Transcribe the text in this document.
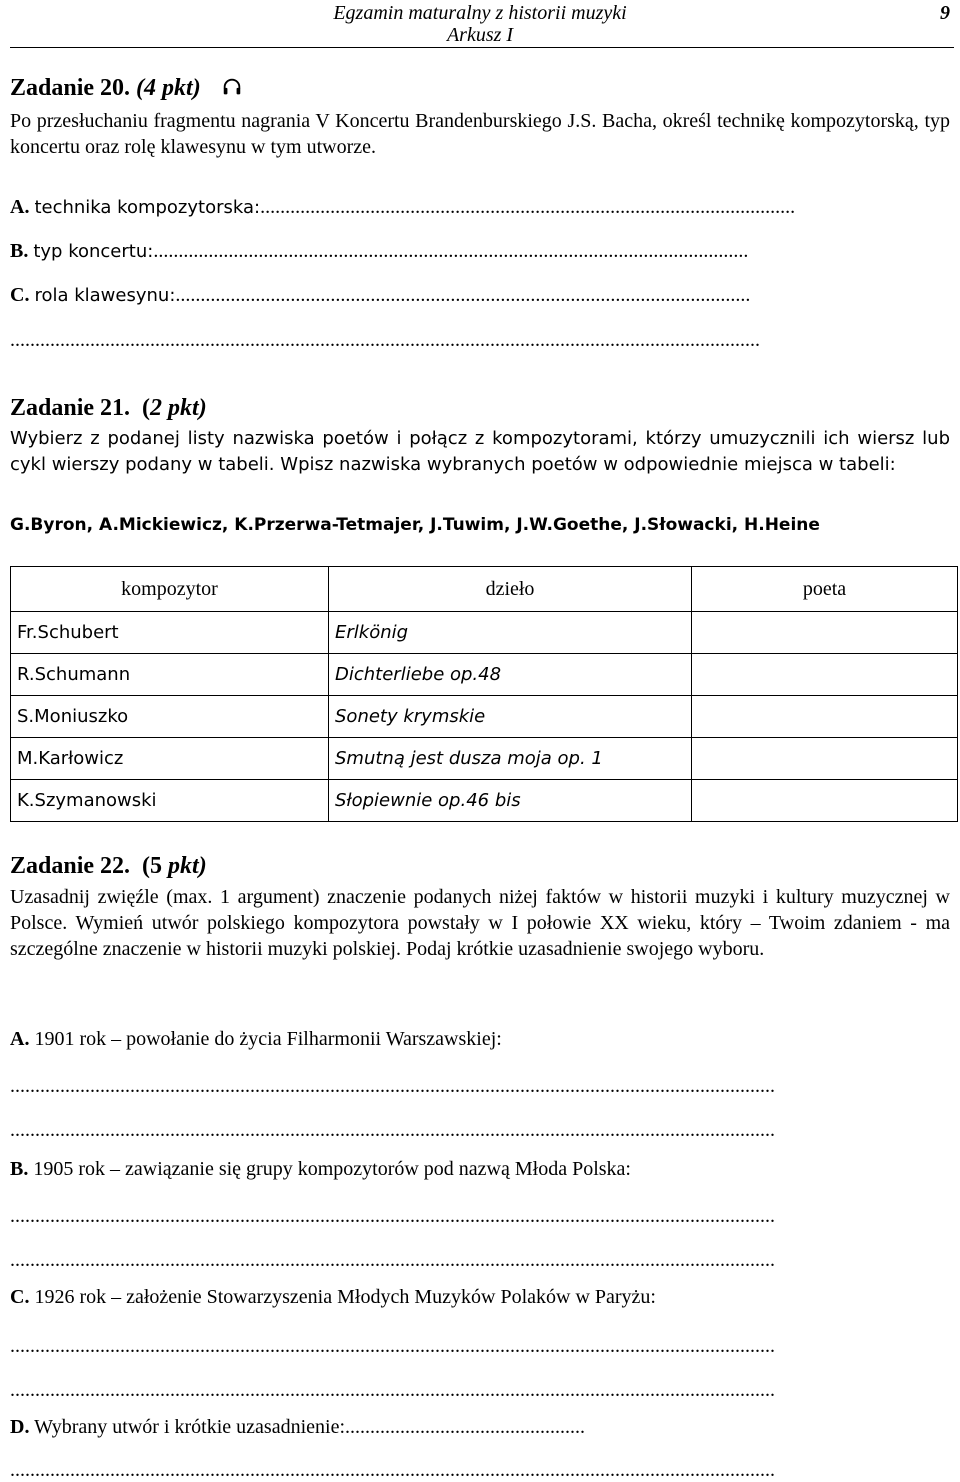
Egzamin maturalny z historii muzyki
Arkusz I
9
Zadanie 20. (4 pkt)
Po przesłuchaniu fragmentu nagrania V Koncertu Brandenburskiego J.S. Bacha, określ technikę kompozytorską, typ koncertu oraz rolę klawesynu w tym utworze.
A. technika kompozytorska:...........................................................................................................
B. typ koncertu:.......................................................................................................................
C. rola klawesynu:...................................................................................................................
......................................................................................................................................................
Zadanie 21. (2 pkt)
Wybierz z podanej listy nazwiska poetów i połącz z kompozytorami, którzy umuzycznili ich wiersz lub cykl wierszy podany w tabeli. Wpisz nazwiska wybranych poetów w odpowiednie miejsca w tabeli:
G.Byron, A.Mickiewicz, K.Przerwa-Tetmajer, J.Tuwim, J.W.Goethe, J.Słowacki, H.Heine
kompozytor	dzieło	poeta
Fr.Schubert	Erlkönig	
R.Schumann	Dichterliebe op.48	
S.Moniuszko	Sonety krymskie	
M.Karłowicz	Smutną jest dusza moja op. 1	
K.Szymanowski	Słopiewnie op.46 bis	
Zadanie 22. (5 pkt)
Uzasadnij zwięźle (max. 1 argument) znaczenie podanych niżej faktów w historii muzyki i kultury muzycznej w Polsce. Wymień utwór polskiego kompozytora powstały w I połowie XX wieku, który – Twoim zdaniem - ma szczególne znaczenie w historii muzyki polskiej. Podaj krótkie uzasadnienie swojego wyboru.
A. 1901 rok – powołanie do życia Filharmonii Warszawskiej:
.........................................................................................................................................................
.........................................................................................................................................................
B. 1905 rok – zawiązanie się grupy kompozytorów pod nazwą Młoda Polska:
.........................................................................................................................................................
.........................................................................................................................................................
C. 1926 rok – założenie Stowarzyszenia Młodych Muzyków Polaków w Paryżu:
.........................................................................................................................................................
.........................................................................................................................................................
D. Wybrany utwór i krótkie uzasadnienie:................................................
.........................................................................................................................................................
